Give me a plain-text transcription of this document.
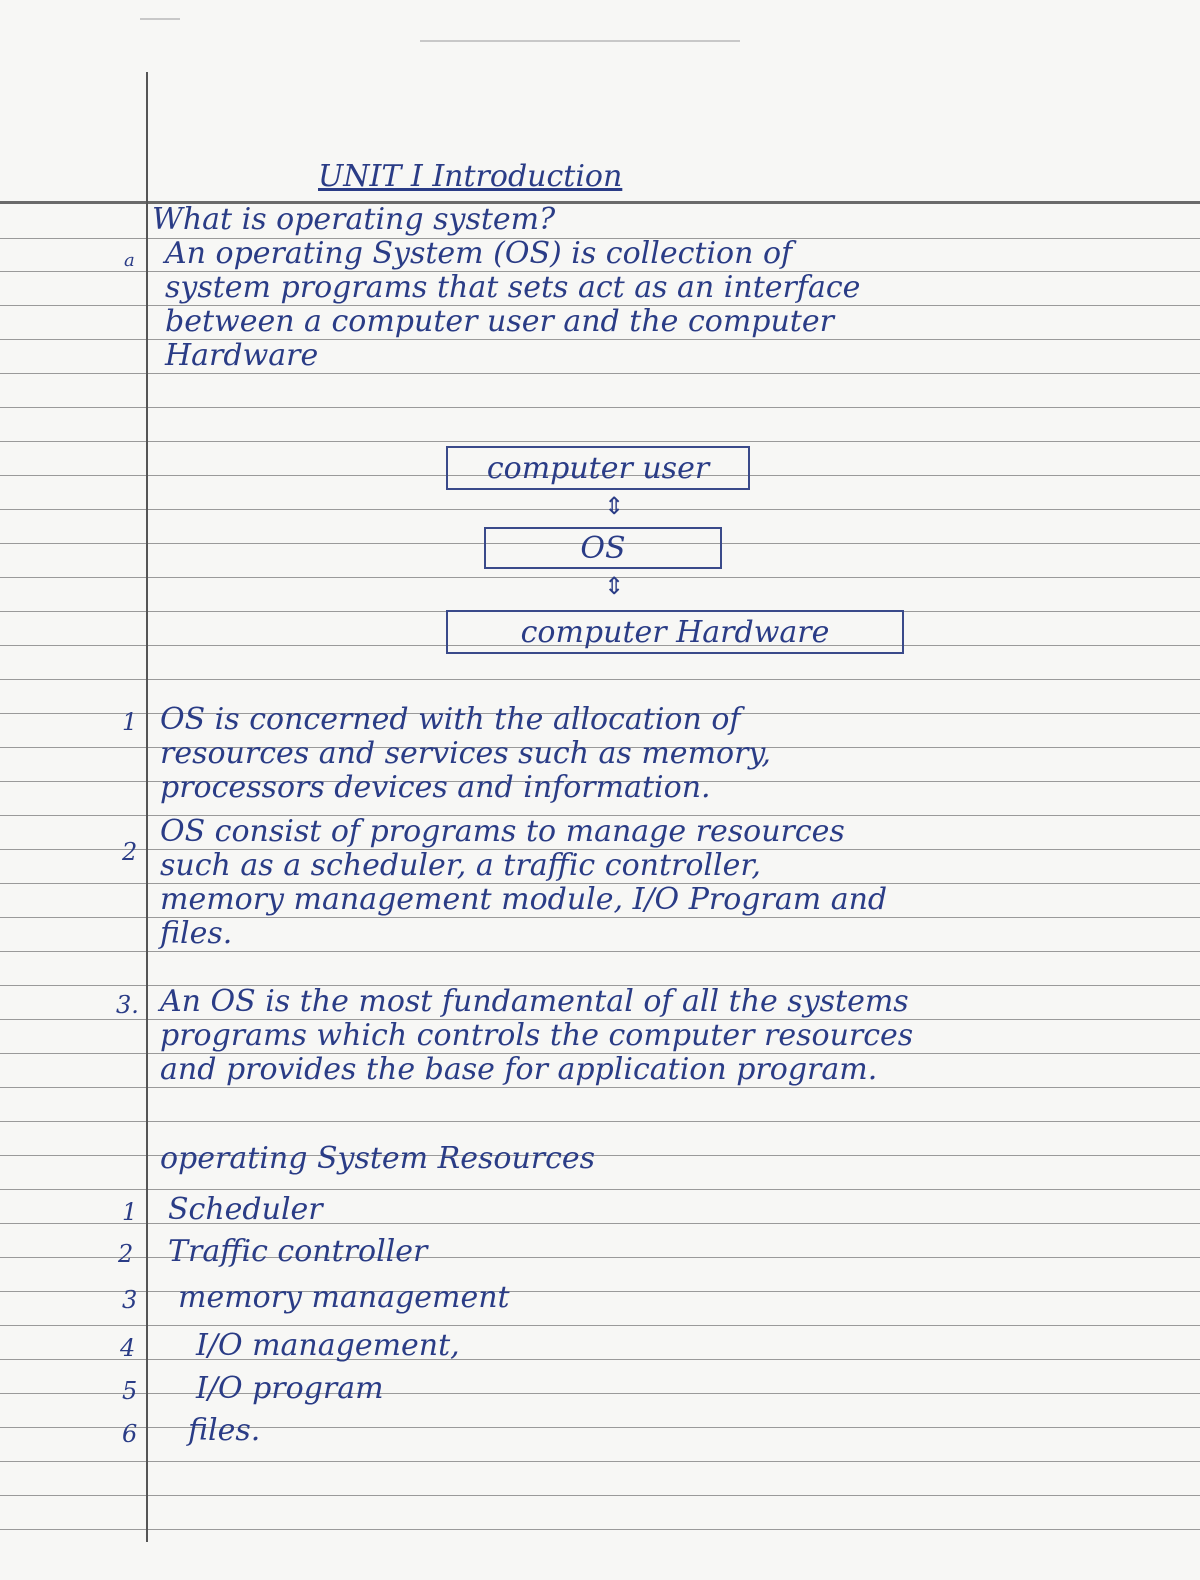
UNIT I Introduction

What is operating system?

a An operating System (OS) is collection of

system programs that sets act as an interface

between a computer user and the computer

Hardware

computer user
⇕
OS
⇕
computer Hardware
1 OS is concerned with the allocation of

resources and services such as memory,

processors devices and information.

2

OS consist of programs to manage resources

such as a scheduler, a traffic controller,

memory management module, I/O Program and

files.

3. An OS is the most fundamental of all the systems

programs which controls the computer resources

and provides the base for application program.

operating System Resources

1 Scheduler

2 Traffic controller

3 memory management

4 I/O management,

5 I/O program

6 files.
